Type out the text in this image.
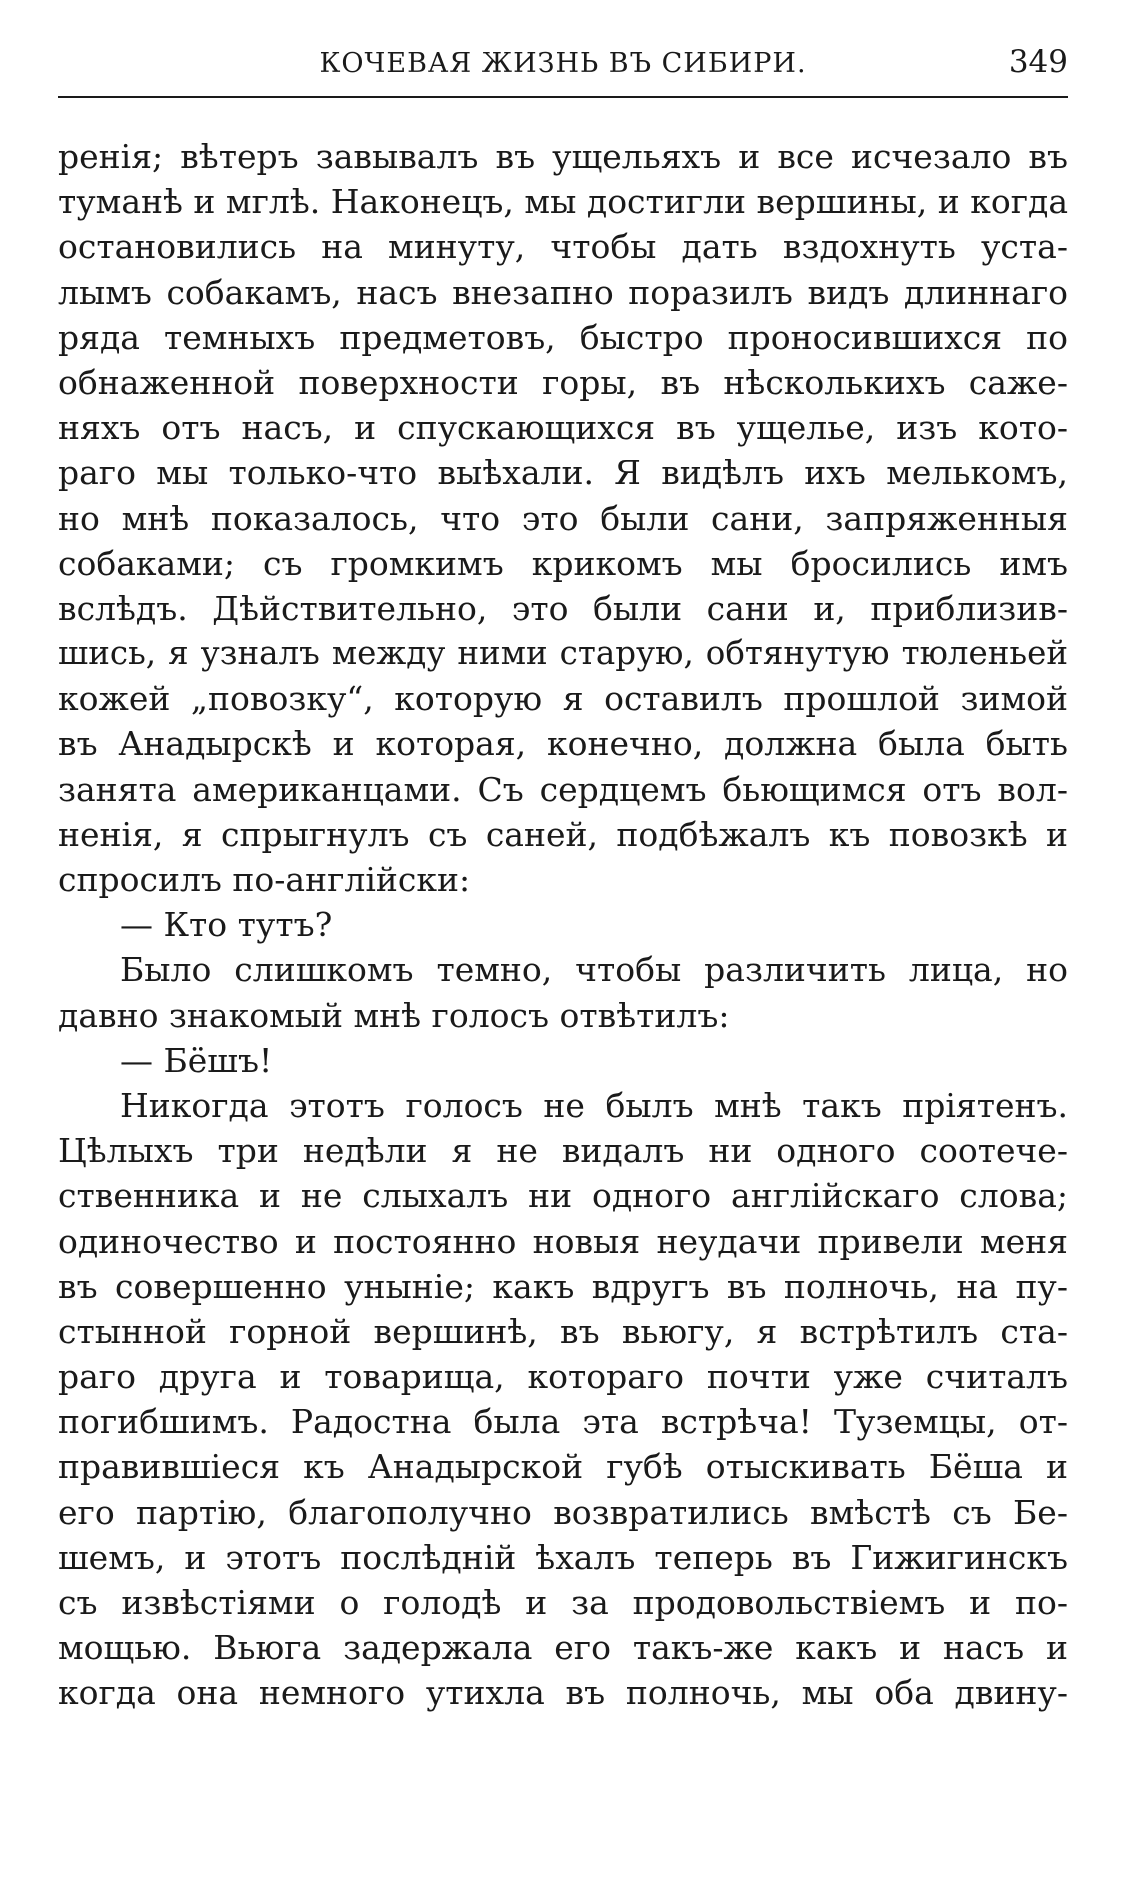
КОЧЕВАЯ ЖИЗНЬ ВЪ СИБИРИ.	349
ренія; вѣтеръ завывалъ въ ущельяхъ и все исчезало въ
туманѣ и мглѣ. Наконецъ, мы достигли вершины, и когда
остановились на минуту, чтобы дать вздохнуть уста-
лымъ собакамъ, насъ внезапно поразилъ видъ длиннаго
ряда темныхъ предметовъ, быстро проносившихся по
обнаженной поверхности горы, въ нѣсколькихъ саже-
няхъ отъ насъ, и спускающихся въ ущелье, изъ кото-
раго мы только-что выѣхали. Я видѣлъ ихъ мелькомъ,
но мнѣ показалось, что это были сани, запряженныя
собаками; съ громкимъ крикомъ мы бросились имъ
вслѣдъ. Дѣйствительно, это были сани и, приблизив-
шись, я узналъ между ними старую, обтянутую тюленьей
кожей „повозку“, которую я оставилъ прошлой зимой
въ Анадырскѣ и которая, конечно, должна была быть
занята американцами. Съ сердцемъ бьющимся отъ вол-
ненія, я спрыгнулъ съ саней, подбѣжалъ къ повозкѣ и
спросилъ по-англійски:
— Кто тутъ?
Было слишкомъ темно, чтобы различить лица, но
давно знакомый мнѣ голосъ отвѣтилъ:
— Бёшъ!
Никогда этотъ голосъ не былъ мнѣ такъ пріятенъ.
Цѣлыхъ три недѣли я не видалъ ни одного соотече-
ственника и не слыхалъ ни одного англійскаго слова;
одиночество и постоянно новыя неудачи привели меня
въ совершенно уныніе; какъ вдругъ въ полночь, на пу-
стынной горной вершинѣ, въ вьюгу, я встрѣтилъ ста-
раго друга и товарища, котораго почти уже считалъ
погибшимъ. Радостна была эта встрѣча! Туземцы, от-
правившіеся къ Анадырской губѣ отыскивать Бёша и
его партію, благополучно возвратились вмѣстѣ съ Бе-
шемъ, и этотъ послѣдній ѣхалъ теперь въ Гижигинскъ
съ извѣстіями о голодѣ и за продовольствіемъ и по-
мощью. Вьюга задержала его такъ-же какъ и насъ и
когда она немного утихла въ полночь, мы оба двину-
